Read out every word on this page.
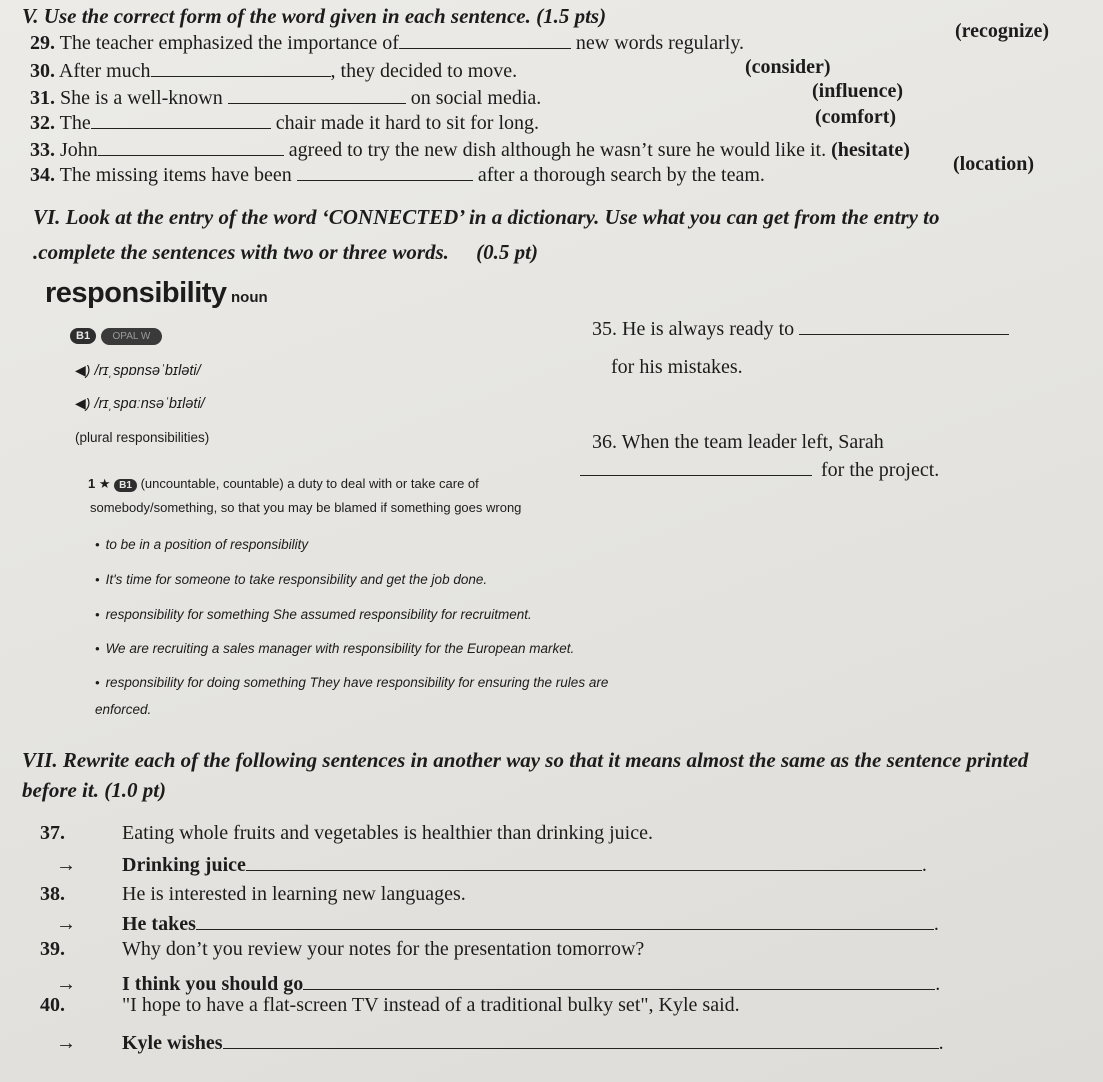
V. Use the correct form of the word given in each sentence. (1.5 pts)
29. The teacher emphasized the importance of	new words regularly.
(recognize)
30. After much	, they decided to move.	(consider)
31. She is a well-known	on social media.	(influence)
32. The	chair made it hard to sit for long.	(comfort)
33. John	agreed to try the new dish although he wasn’t sure he would like it. (hesitate)
34. The missing items have been	after a thorough search by the team.	(location)
VI. Look at the entry of the word ‘CONNECTED’ in a dictionary. Use what you can get from the entry to
.complete the sentences with two or three words. (0.5 pt)
responsibility noun
B1 OPAL W
◀) /rɪˌspɒnsəˈbɪləti/
◀) /rɪˌspɑːnsəˈbɪləti/
(plural responsibilities)
1 ★ B1 (uncountable, countable) a duty to deal with or take care of
somebody/something, so that you may be blamed if something goes wrong
• to be in a position of responsibility
• It's time for someone to take responsibility and get the job done.
• responsibility for something She assumed responsibility for recruitment.
• We are recruiting a sales manager with responsibility for the European market.
• responsibility for doing something They have responsibility for ensuring the rules are
enforced.
35. He is always ready to
for his mistakes.
36. When the team leader left, Sarah
for the project.
VII. Rewrite each of the following sentences in another way so that it means almost the same as the sentence printed
before it. (1.0 pt)
37.	Eating whole fruits and vegetables is healthier than drinking juice.
→ Drinking juice	.
38.	He is interested in learning new languages.
→ He takes	.
39.	Why don’t you review your notes for the presentation tomorrow?
→ I think you should go	.
40.	"I hope to have a flat-screen TV instead of a traditional bulky set", Kyle said.
→ Kyle wishes	.
